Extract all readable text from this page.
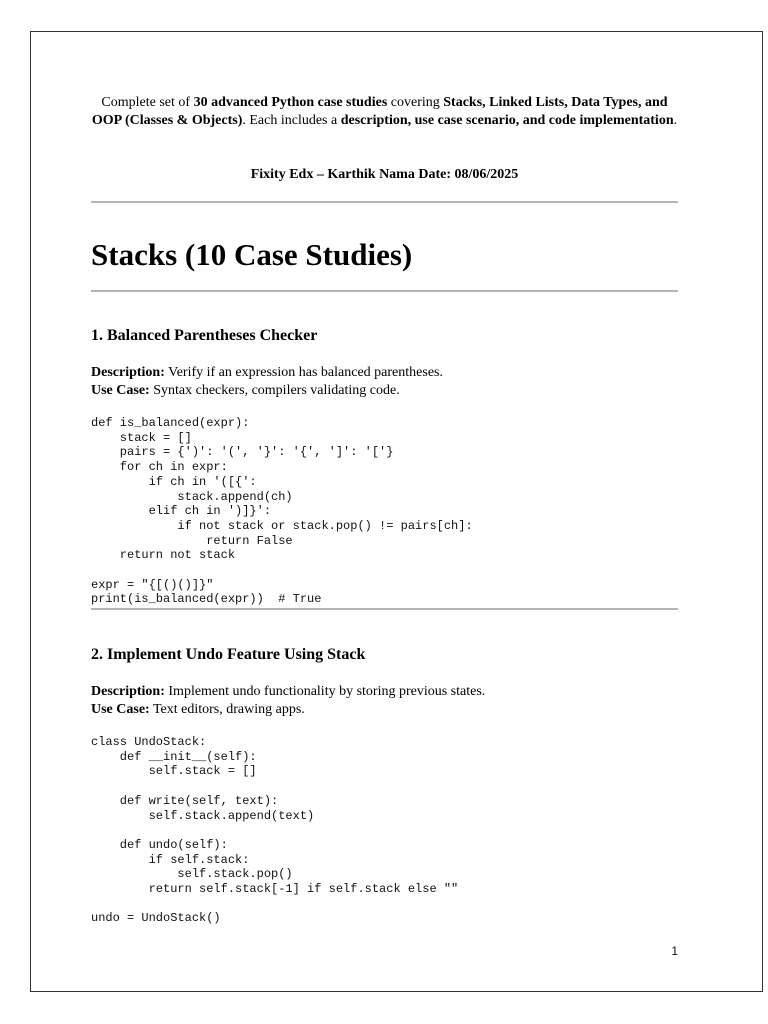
Complete set of 30 advanced Python case studies covering Stacks, Linked Lists, Data Types, and OOP (Classes & Objects). Each includes a description, use case scenario, and code implementation.
Fixity Edx – Karthik Nama Date: 08/06/2025
Stacks (10 Case Studies)
1. Balanced Parentheses Checker
Description: Verify if an expression has balanced parentheses.
Use Case: Syntax checkers, compilers validating code.
def is_balanced(expr):
stack = []
pairs = {')': '(', '}': '{', ']': '['}
for ch in expr:
if ch in '([{':
stack.append(ch)
elif ch in ')]}':
if not stack or stack.pop() != pairs[ch]:
return False
return not stack

expr = "{[()()]}"
print(is_balanced(expr))  # True
2. Implement Undo Feature Using Stack
Description: Implement undo functionality by storing previous states.
Use Case: Text editors, drawing apps.
class UndoStack:
def __init__(self):
self.stack = []

def write(self, text):
self.stack.append(text)

def undo(self):
if self.stack:
self.stack.pop()
return self.stack[-1] if self.stack else ""

undo = UndoStack()
1
